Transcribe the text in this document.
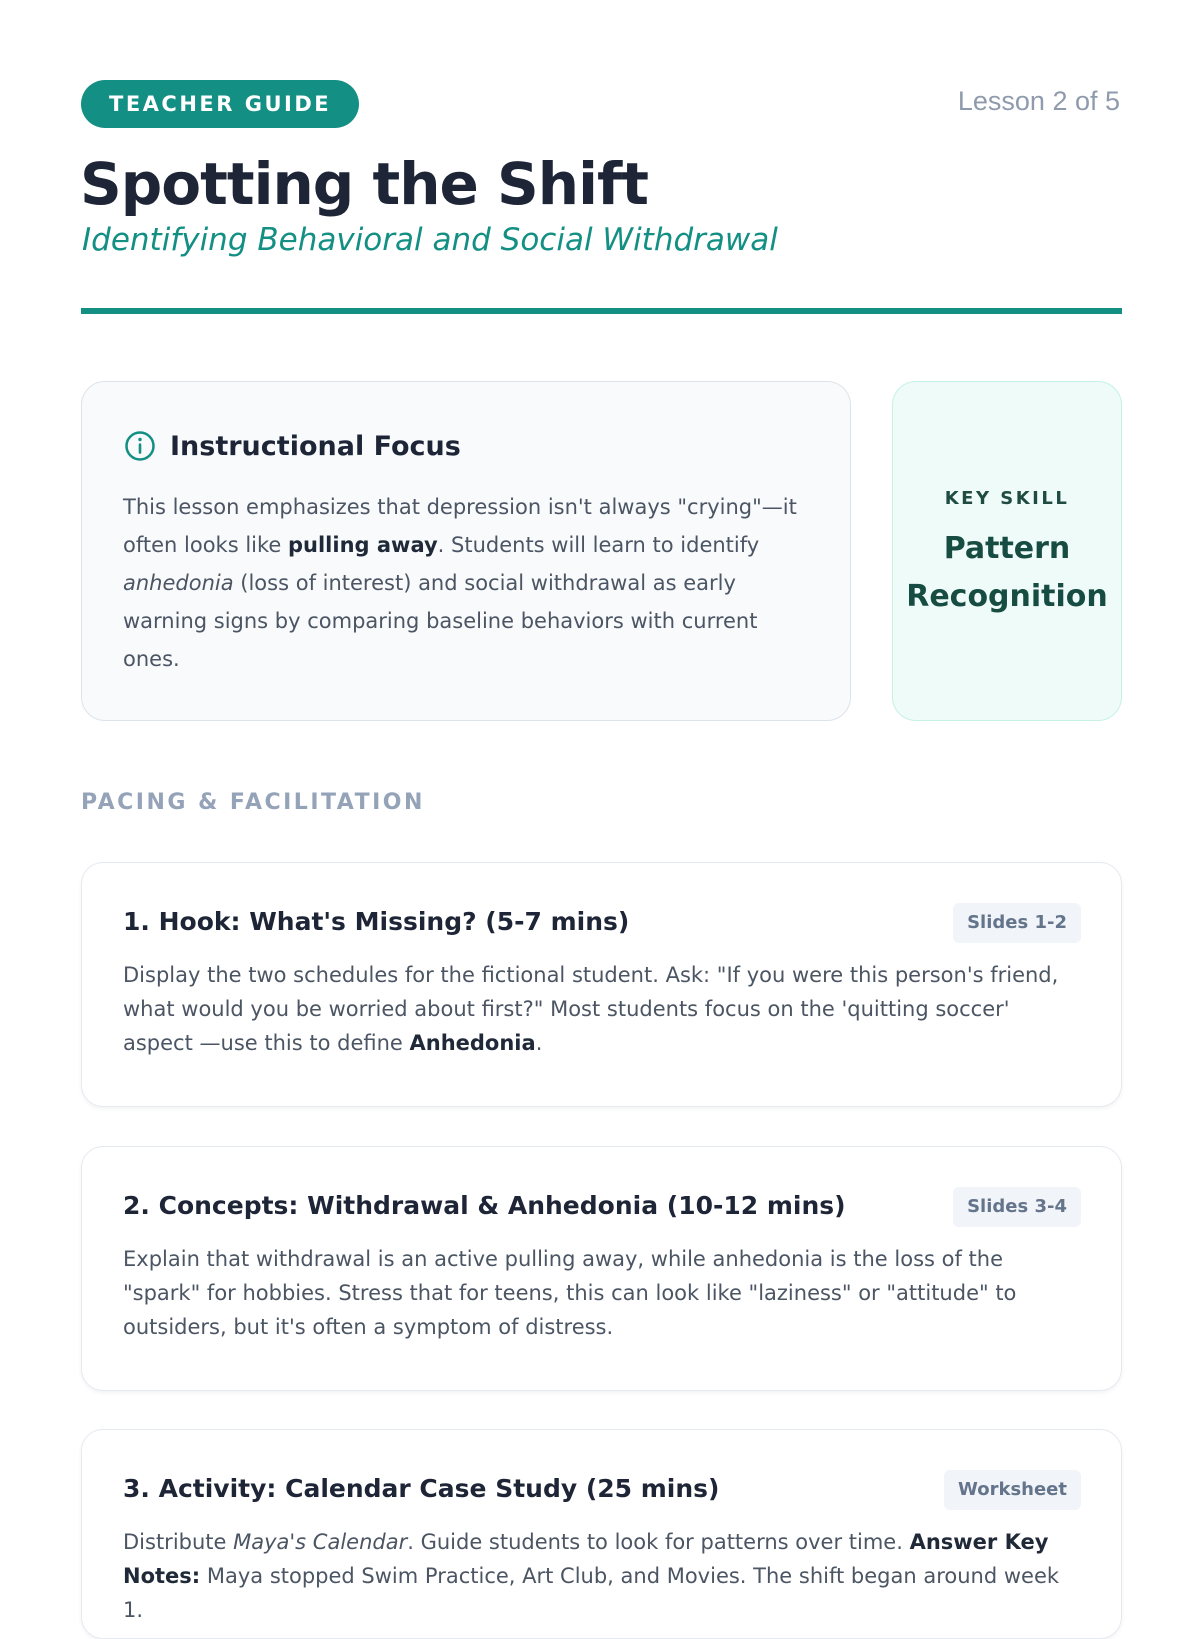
TEACHER GUIDE	Lesson 2 of 5
Spotting the Shift
Identifying Behavioral and Social Withdrawal
Instructional Focus

This lesson emphasizes that depression isn't always "crying"—it often looks like pulling away. Students will learn to identify anhedonia (loss of interest) and social withdrawal as early warning signs by comparing baseline behaviors with current ones.

KEY SKILL
Pattern
Recognition
PACING & FACILITATION
1. Hook: What's Missing? (5-7 mins)	Slides 1-2

Display the two schedules for the fictional student. Ask: "If you were this person's friend, what would you be worried about first?" Most students focus on the 'quitting soccer' aspect —use this to define Anhedonia.

2. Concepts: Withdrawal & Anhedonia (10-12 mins)	Slides 3-4

Explain that withdrawal is an active pulling away, while anhedonia is the loss of the "spark" for hobbies. Stress that for teens, this can look like "laziness" or "attitude" to outsiders, but it's often a symptom of distress.

3. Activity: Calendar Case Study (25 mins)	Worksheet

Distribute Maya's Calendar. Guide students to look for patterns over time. Answer Key Notes: Maya stopped Swim Practice, Art Club, and Movies. The shift began around week 1.
